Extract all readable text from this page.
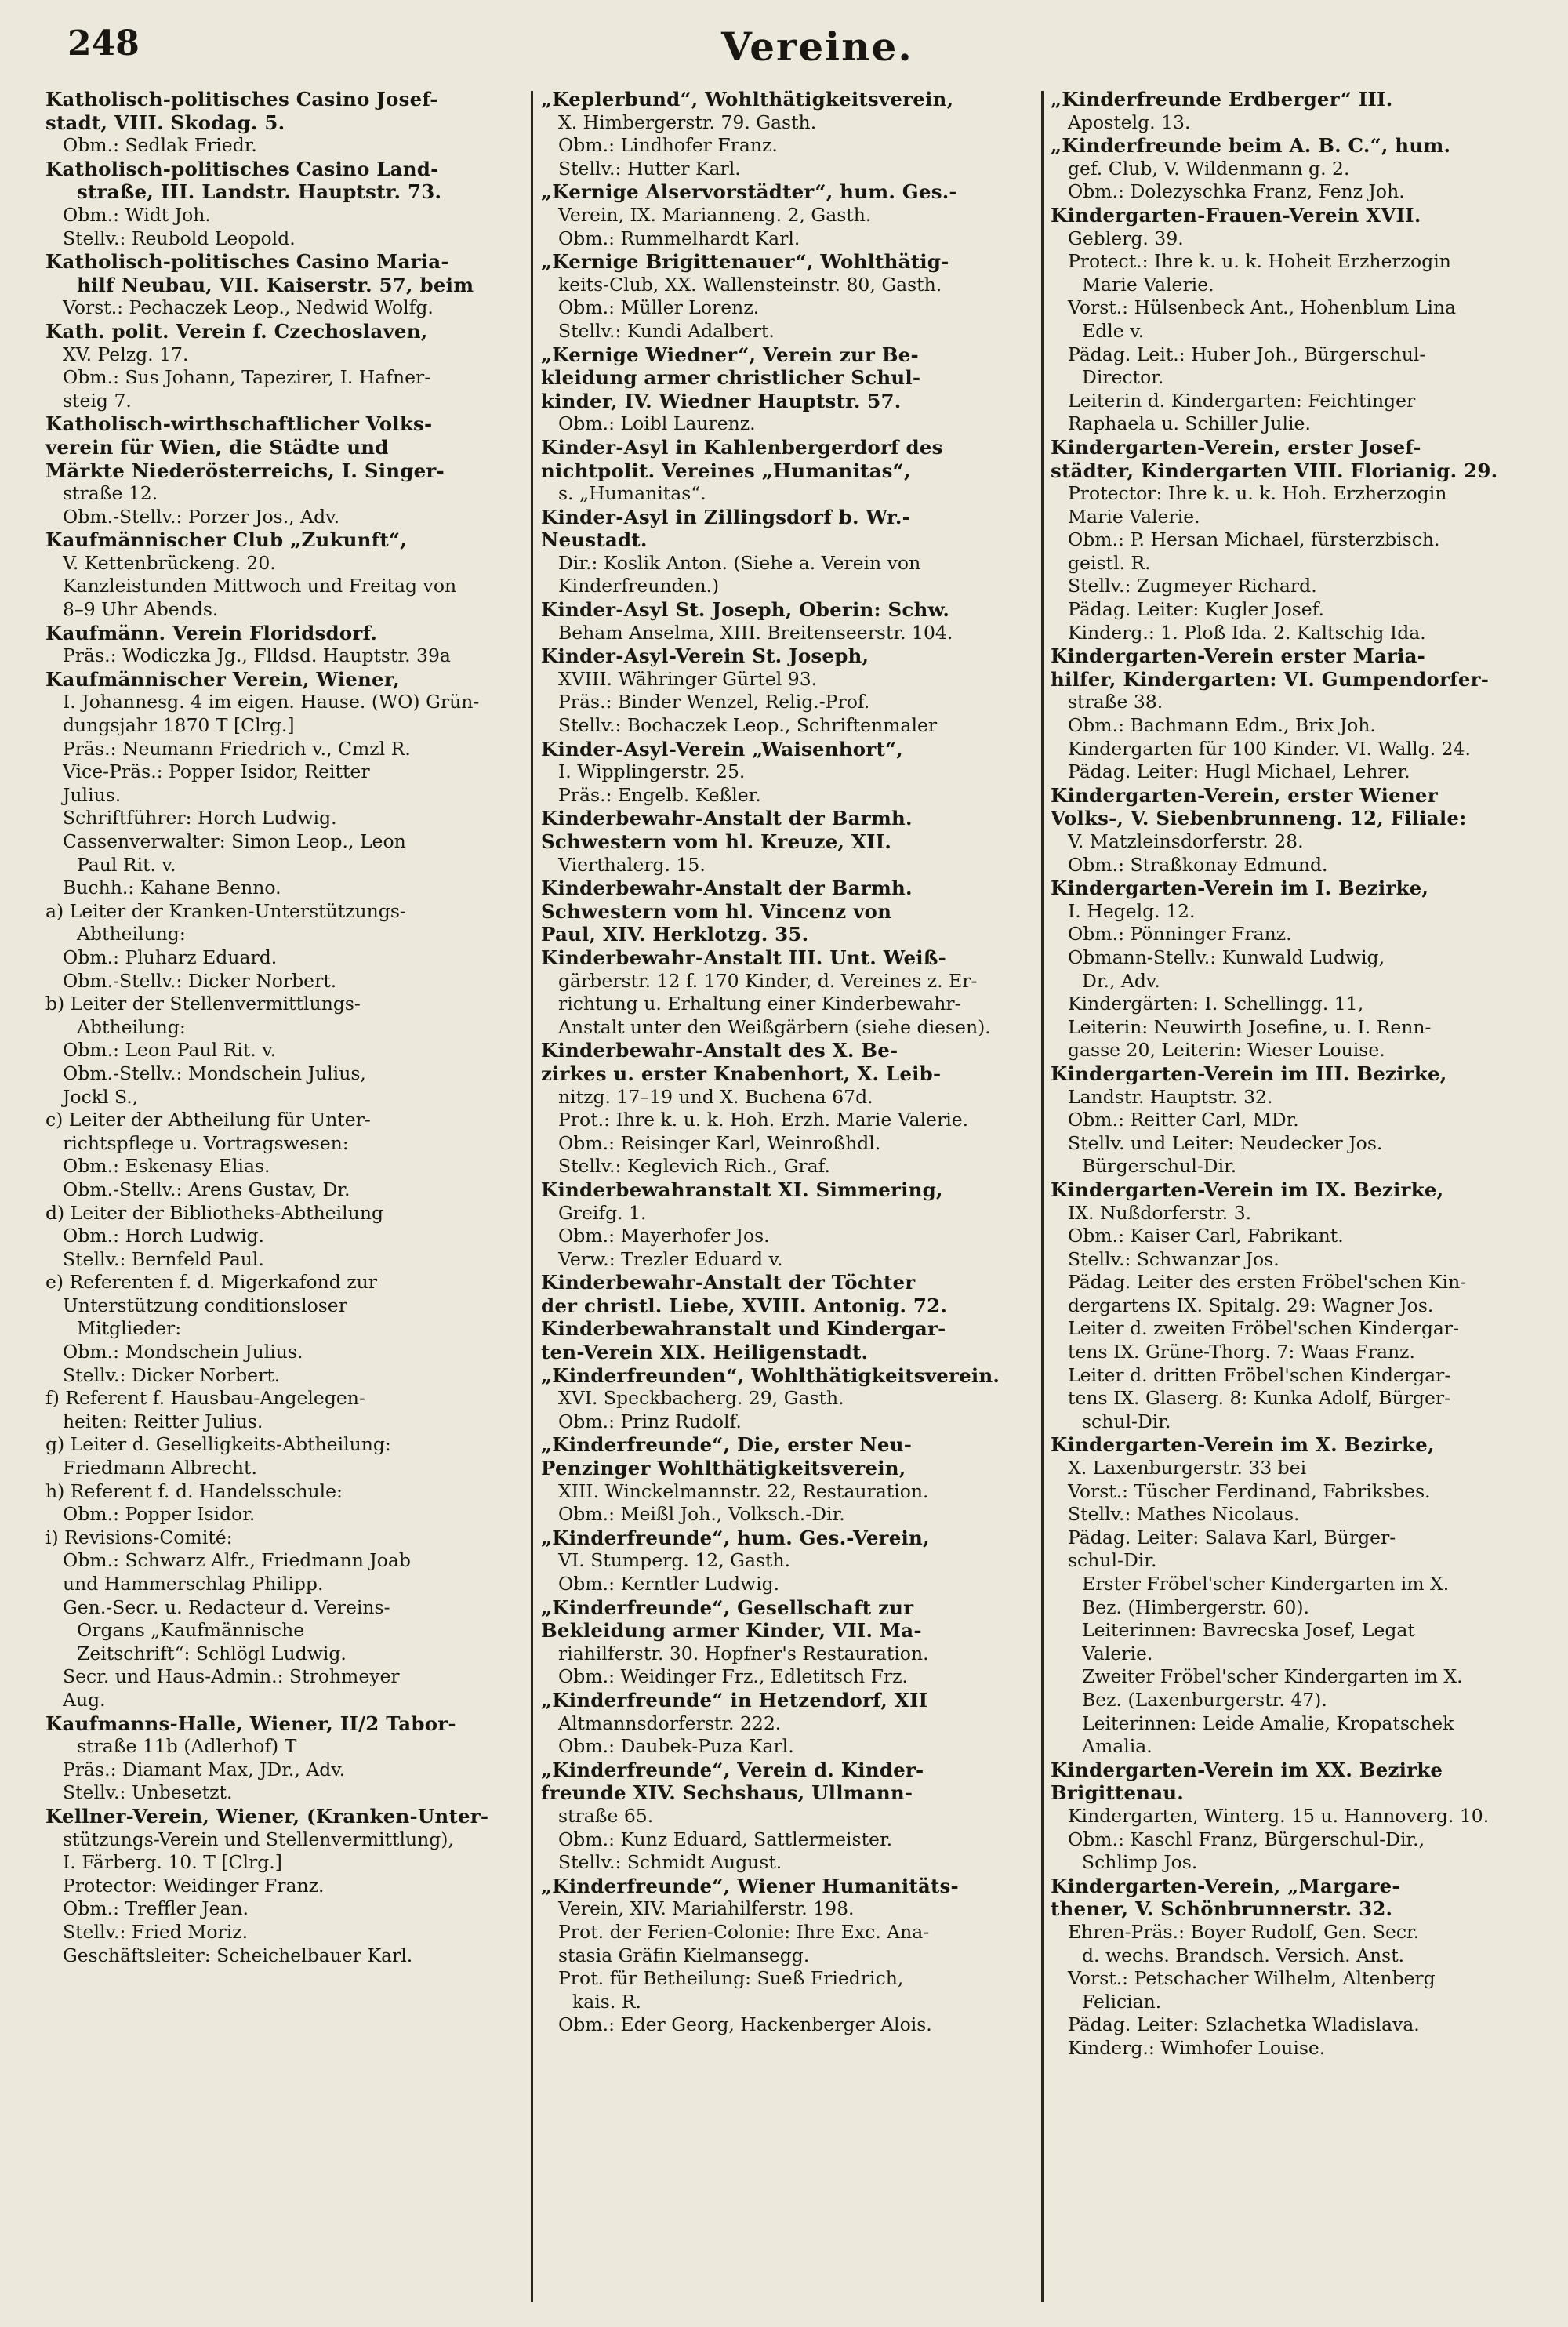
248	Vereine.
Katholisch-politisches Casino Josef-
stadt, VIII. Skodag. 5.
Obm.: Sedlak Friedr.
Katholisch-politisches Casino Land-
straße, III. Landstr. Hauptstr. 73.
Obm.: Widt Joh.
Stellv.: Reubold Leopold.
Katholisch-politisches Casino Maria-
hilf Neubau, VII. Kaiserstr. 57, beim
Vorst.: Pechaczek Leop., Nedwid Wolfg.
Kath. polit. Verein f. Czechoslaven,
XV. Pelzg. 17.
Obm.: Sus Johann, Tapezirer, I. Hafner-
steig 7.
Katholisch-wirthschaftlicher Volks-
verein für Wien, die Städte und
Märkte Niederösterreichs, I. Singer-
straße 12.
Obm.-Stellv.: Porzer Jos., Adv.
Kaufmännischer Club „Zukunft“,
V. Kettenbrückeng. 20.
Kanzleistunden Mittwoch und Freitag von
8–9 Uhr Abends.
Kaufmänn. Verein Floridsdorf.
Präs.: Wodiczka Jg., Flldsd. Hauptstr. 39a
Kaufmännischer Verein, Wiener,
I. Johannesg. 4 im eigen. Hause. (WO) Grün-
dungsjahr 1870 T [Clrg.]
Präs.: Neumann Friedrich v., Cmzl R.
Vice-Präs.: Popper Isidor, Reitter
Julius.
Schriftführer: Horch Ludwig.
Cassenverwalter: Simon Leop., Leon
Paul Rit. v.
Buchh.: Kahane Benno.
a) Leiter der Kranken-Unterstützungs-
Abtheilung:
Obm.: Pluharz Eduard.
Obm.-Stellv.: Dicker Norbert.
b) Leiter der Stellenvermittlungs-
Abtheilung:
Obm.: Leon Paul Rit. v.
Obm.-Stellv.: Mondschein Julius,
Jockl S.,
c) Leiter der Abtheilung für Unter-
richtspflege u. Vortragswesen:
Obm.: Eskenasy Elias.
Obm.-Stellv.: Arens Gustav, Dr.
d) Leiter der Bibliotheks-Abtheilung
Obm.: Horch Ludwig.
Stellv.: Bernfeld Paul.
e) Referenten f. d. Migerkafond zur
Unterstützung conditionsloser
Mitglieder:
Obm.: Mondschein Julius.
Stellv.: Dicker Norbert.
f) Referent f. Hausbau-Angelegen-
heiten: Reitter Julius.
g) Leiter d. Geselligkeits-Abtheilung:
Friedmann Albrecht.
h) Referent f. d. Handelsschule:
Obm.: Popper Isidor.
i) Revisions-Comité:
Obm.: Schwarz Alfr., Friedmann Joab
und Hammerschlag Philipp.
Gen.-Secr. u. Redacteur d. Vereins-
Organs „Kaufmännische
Zeitschrift“: Schlögl Ludwig.
Secr. und Haus-Admin.: Strohmeyer
Aug.
Kaufmanns-Halle, Wiener, II/2 Tabor-
straße 11b (Adlerhof) T
Präs.: Diamant Max, JDr., Adv.
Stellv.: Unbesetzt.
Kellner-Verein, Wiener, (Kranken-Unter-
stützungs-Verein und Stellenvermittlung),
I. Färberg. 10. T [Clrg.]
Protector: Weidinger Franz.
Obm.: Treffler Jean.
Stellv.: Fried Moriz.
Geschäftsleiter: Scheichelbauer Karl.
„Keplerbund“, Wohlthätigkeitsverein,
X. Himbergerstr. 79. Gasth.
Obm.: Lindhofer Franz.
Stellv.: Hutter Karl.
„Kernige Alservorstädter“, hum. Ges.-
Verein, IX. Marianneng. 2, Gasth.
Obm.: Rummelhardt Karl.
„Kernige Brigittenauer“, Wohlthätig-
keits-Club, XX. Wallensteinstr. 80, Gasth.
Obm.: Müller Lorenz.
Stellv.: Kundi Adalbert.
„Kernige Wiedner“, Verein zur Be-
kleidung armer christlicher Schul-
kinder, IV. Wiedner Hauptstr. 57.
Obm.: Loibl Laurenz.
Kinder-Asyl in Kahlenbergerdorf des
nichtpolit. Vereines „Humanitas“,
s. „Humanitas“.
Kinder-Asyl in Zillingsdorf b. Wr.-
Neustadt.
Dir.: Koslik Anton. (Siehe a. Verein von
Kinderfreunden.)
Kinder-Asyl St. Joseph, Oberin: Schw.
Beham Anselma, XIII. Breitenseerstr. 104.
Kinder-Asyl-Verein St. Joseph,
XVIII. Währinger Gürtel 93.
Präs.: Binder Wenzel, Relig.-Prof.
Stellv.: Bochaczek Leop., Schriftenmaler
Kinder-Asyl-Verein „Waisenhort“,
I. Wipplingerstr. 25.
Präs.: Engelb. Keßler.
Kinderbewahr-Anstalt der Barmh.
Schwestern vom hl. Kreuze, XII.
Vierthalerg. 15.
Kinderbewahr-Anstalt der Barmh.
Schwestern vom hl. Vincenz von
Paul, XIV. Herklotzg. 35.
Kinderbewahr-Anstalt III. Unt. Weiß-
gärberstr. 12 f. 170 Kinder, d. Vereines z. Er-
richtung u. Erhaltung einer Kinderbewahr-
Anstalt unter den Weißgärbern (siehe diesen).
Kinderbewahr-Anstalt des X. Be-
zirkes u. erster Knabenhort, X. Leib-
nitzg. 17–19 und X. Buchena 67d.
Prot.: Ihre k. u. k. Hoh. Erzh. Marie Valerie.
Obm.: Reisinger Karl, Weinroßhdl.
Stellv.: Keglevich Rich., Graf.
Kinderbewahranstalt XI. Simmering,
Greifg. 1.
Obm.: Mayerhofer Jos.
Verw.: Trezler Eduard v.
Kinderbewahr-Anstalt der Töchter
der christl. Liebe, XVIII. Antonig. 72.
Kinderbewahranstalt und Kindergar-
ten-Verein XIX. Heiligenstadt.
„Kinderfreunden“, Wohlthätigkeitsverein.
XVI. Speckbacherg. 29, Gasth.
Obm.: Prinz Rudolf.
„Kinderfreunde“, Die, erster Neu-
Penzinger Wohlthätigkeitsverein,
XIII. Winckelmannstr. 22, Restauration.
Obm.: Meißl Joh., Volksch.-Dir.
„Kinderfreunde“, hum. Ges.-Verein,
VI. Stumperg. 12, Gasth.
Obm.: Kerntler Ludwig.
„Kinderfreunde“, Gesellschaft zur
Bekleidung armer Kinder, VII. Ma-
riahilferstr. 30. Hopfner's Restauration.
Obm.: Weidinger Frz., Edletitsch Frz.
„Kinderfreunde“ in Hetzendorf, XII
Altmannsdorferstr. 222.
Obm.: Daubek-Puza Karl.
„Kinderfreunde“, Verein d. Kinder-
freunde XIV. Sechshaus, Ullmann-
straße 65.
Obm.: Kunz Eduard, Sattlermeister.
Stellv.: Schmidt August.
„Kinderfreunde“, Wiener Humanitäts-
Verein, XIV. Mariahilferstr. 198.
Prot. der Ferien-Colonie: Ihre Exc. Ana-
stasia Gräfin Kielmansegg.
Prot. für Betheilung: Sueß Friedrich,
kais. R.
Obm.: Eder Georg, Hackenberger Alois.
„Kinderfreunde Erdberger“ III.
Apostelg. 13.
„Kinderfreunde beim A. B. C.“, hum.
gef. Club, V. Wildenmann g. 2.
Obm.: Dolezyschka Franz, Fenz Joh.
Kindergarten-Frauen-Verein XVII.
Geblerg. 39.
Protect.: Ihre k. u. k. Hoheit Erzherzogin
Marie Valerie.
Vorst.: Hülsenbeck Ant., Hohenblum Lina
Edle v.
Pädag. Leit.: Huber Joh., Bürgerschul-
Director.
Leiterin d. Kindergarten: Feichtinger
Raphaela u. Schiller Julie.
Kindergarten-Verein, erster Josef-
städter, Kindergarten VIII. Florianig. 29.
Protector: Ihre k. u. k. Hoh. Erzherzogin
Marie Valerie.
Obm.: P. Hersan Michael, fürsterzbisch.
geistl. R.
Stellv.: Zugmeyer Richard.
Pädag. Leiter: Kugler Josef.
Kinderg.: 1. Ploß Ida. 2. Kaltschig Ida.
Kindergarten-Verein erster Maria-
hilfer, Kindergarten: VI. Gumpendorfer-
straße 38.
Obm.: Bachmann Edm., Brix Joh.
Kindergarten für 100 Kinder. VI. Wallg. 24.
Pädag. Leiter: Hugl Michael, Lehrer.
Kindergarten-Verein, erster Wiener
Volks-, V. Siebenbrunneng. 12, Filiale:
V. Matzleinsdorferstr. 28.
Obm.: Straßkonay Edmund.
Kindergarten-Verein im I. Bezirke,
I. Hegelg. 12.
Obm.: Pönninger Franz.
Obmann-Stellv.: Kunwald Ludwig,
Dr., Adv.
Kindergärten: I. Schellingg. 11,
Leiterin: Neuwirth Josefine, u. I. Renn-
gasse 20, Leiterin: Wieser Louise.
Kindergarten-Verein im III. Bezirke,
Landstr. Hauptstr. 32.
Obm.: Reitter Carl, MDr.
Stellv. und Leiter: Neudecker Jos.
Bürgerschul-Dir.
Kindergarten-Verein im IX. Bezirke,
IX. Nußdorferstr. 3.
Obm.: Kaiser Carl, Fabrikant.
Stellv.: Schwanzar Jos.
Pädag. Leiter des ersten Fröbel'schen Kin-
dergartens IX. Spitalg. 29: Wagner Jos.
Leiter d. zweiten Fröbel'schen Kindergar-
tens IX. Grüne-Thorg. 7: Waas Franz.
Leiter d. dritten Fröbel'schen Kindergar-
tens IX. Glaserg. 8: Kunka Adolf, Bürger-
schul-Dir.
Kindergarten-Verein im X. Bezirke,
X. Laxenburgerstr. 33 bei
Vorst.: Tüscher Ferdinand, Fabriksbes.
Stellv.: Mathes Nicolaus.
Pädag. Leiter: Salava Karl, Bürger-
schul-Dir.
Erster Fröbel'scher Kindergarten im X.
Bez. (Himbergerstr. 60).
Leiterinnen: Bavrecska Josef, Legat
Valerie.
Zweiter Fröbel'scher Kindergarten im X.
Bez. (Laxenburgerstr. 47).
Leiterinnen: Leide Amalie, Kropatschek
Amalia.
Kindergarten-Verein im XX. Bezirke
Brigittenau.
Kindergarten, Winterg. 15 u. Hannoverg. 10.
Obm.: Kaschl Franz, Bürgerschul-Dir.,
Schlimp Jos.
Kindergarten-Verein, „Margare-
thener, V. Schönbrunnerstr. 32.
Ehren-Präs.: Boyer Rudolf, Gen. Secr.
d. wechs. Brandsch. Versich. Anst.
Vorst.: Petschacher Wilhelm, Altenberg
Felician.
Pädag. Leiter: Szlachetka Wladislava.
Kinderg.: Wimhofer Louise.
